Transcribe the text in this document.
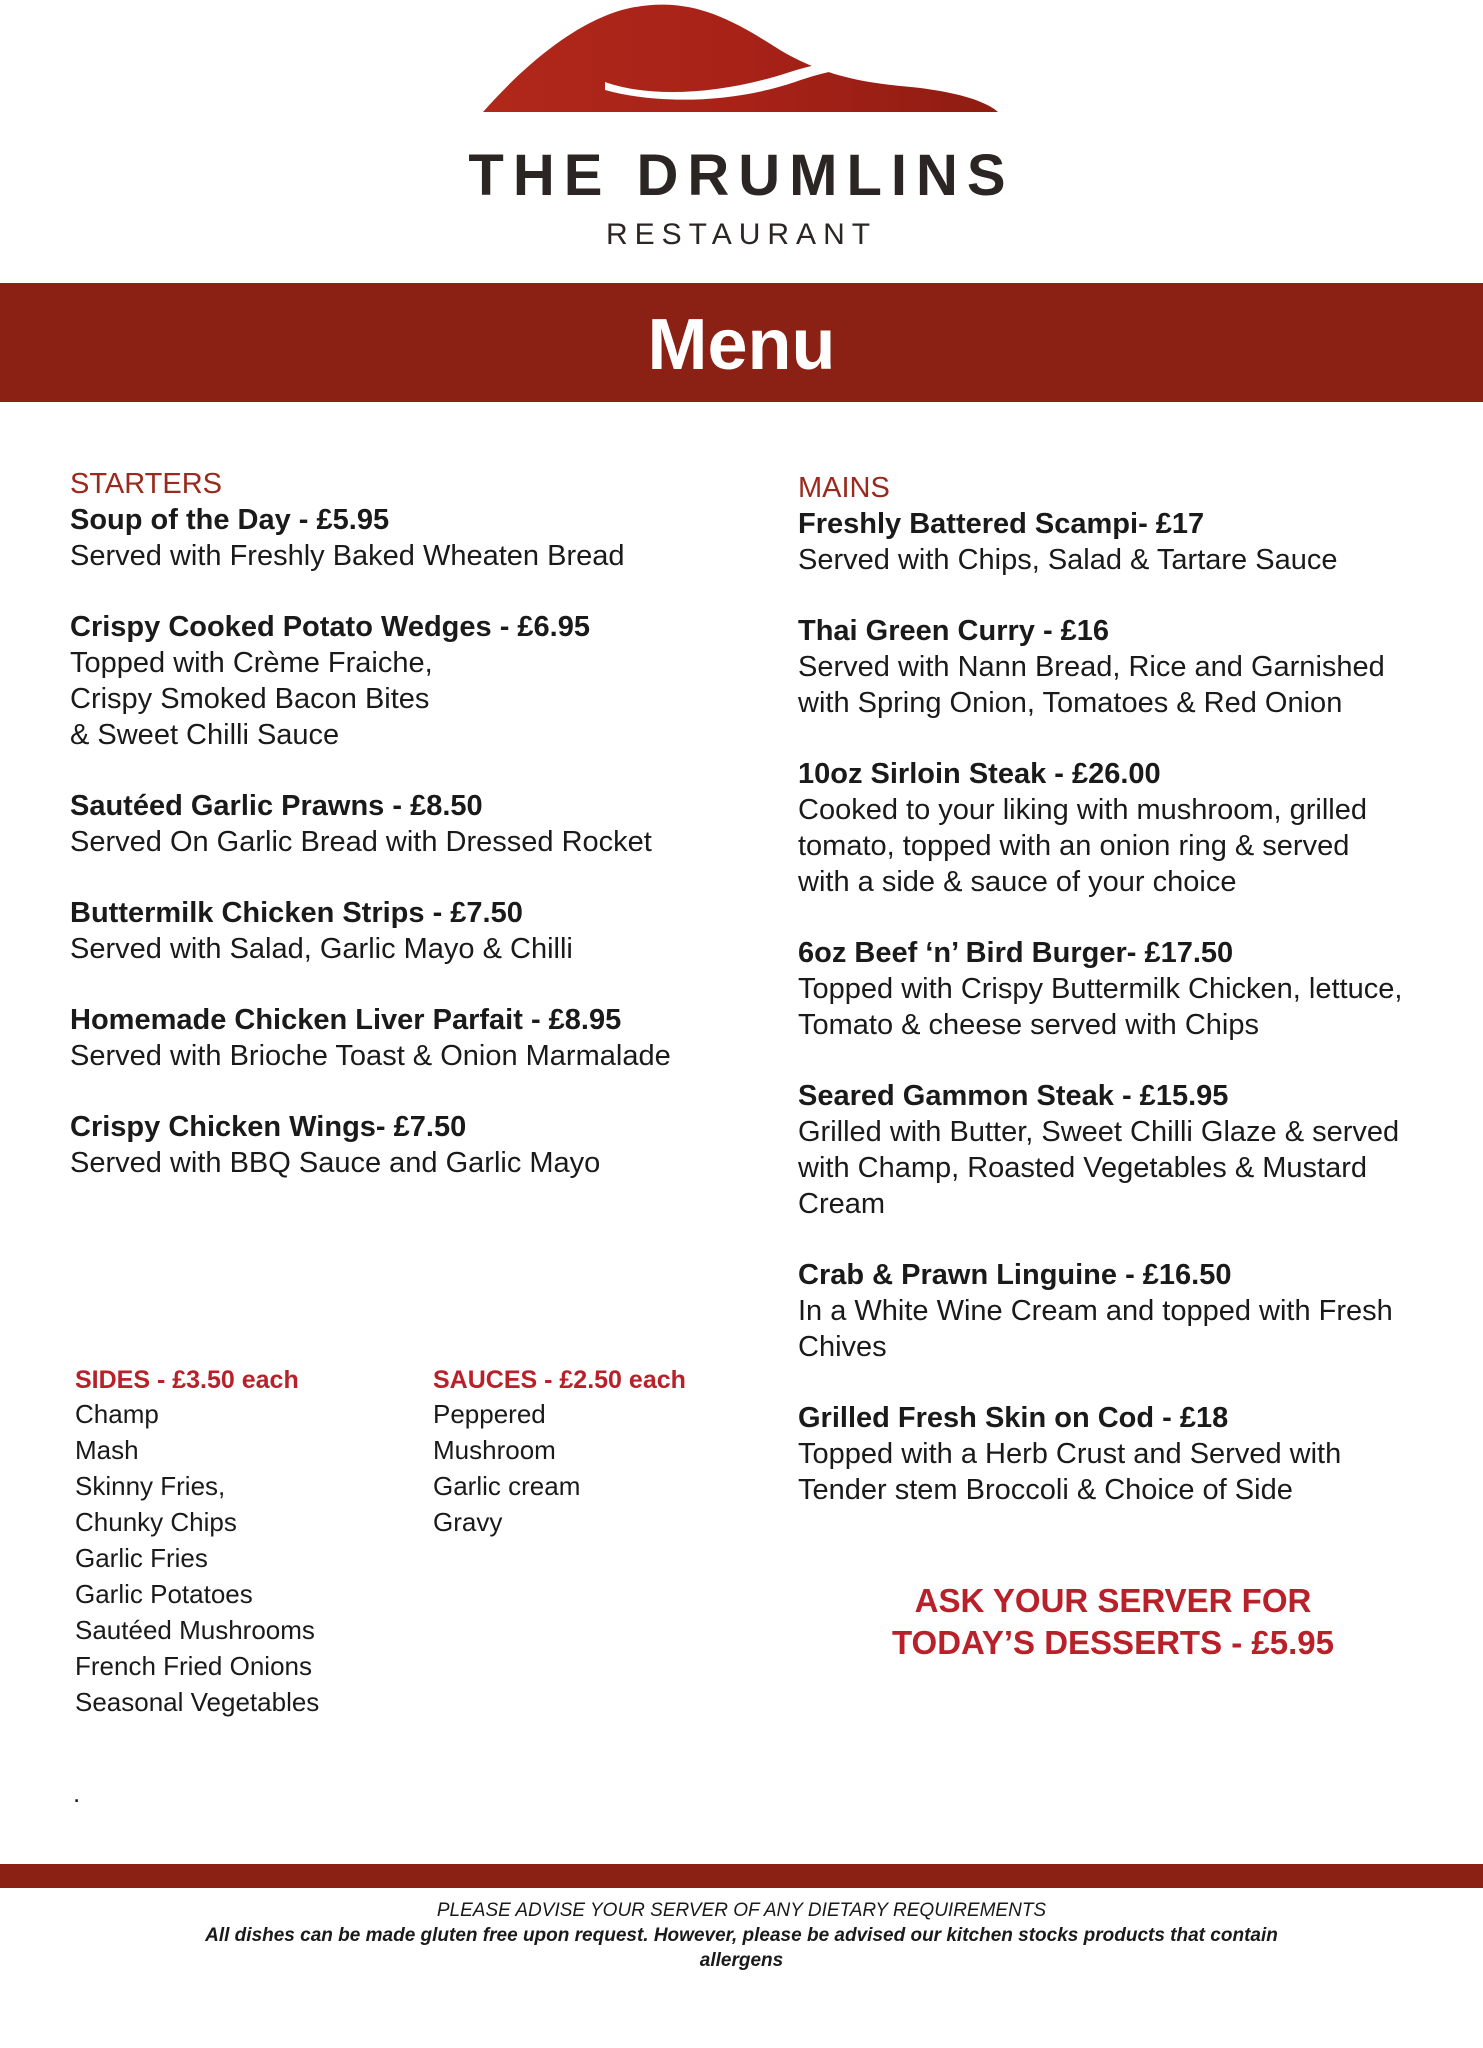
THE DRUMLINS
RESTAURANT
Menu
STARTERS
Soup of the Day - £5.95
Served with Freshly Baked Wheaten Bread
Crispy Cooked Potato Wedges - £6.95
Topped with Crème Fraiche,
Crispy Smoked Bacon Bites
& Sweet Chilli Sauce
Sautéed Garlic Prawns - £8.50
Served On Garlic Bread with Dressed Rocket
Buttermilk Chicken Strips - £7.50
Served with Salad, Garlic Mayo & Chilli
Homemade Chicken Liver Parfait - £8.95
Served with Brioche Toast & Onion Marmalade
Crispy Chicken Wings- £7.50
Served with BBQ Sauce and Garlic Mayo
MAINS
Freshly Battered Scampi- £17
Served with Chips, Salad & Tartare Sauce
Thai Green Curry - £16
Served with Nann Bread, Rice and Garnished
with Spring Onion, Tomatoes & Red Onion
10oz Sirloin Steak - £26.00
Cooked to your liking with mushroom, grilled
tomato, topped with an onion ring & served
with a side & sauce of your choice
6oz Beef ‘n’ Bird Burger- £17.50
Topped with Crispy Buttermilk Chicken, lettuce,
Tomato & cheese served with Chips
Seared Gammon Steak - £15.95
Grilled with Butter, Sweet Chilli Glaze & served
with Champ, Roasted Vegetables & Mustard
Cream
Crab & Prawn Linguine - £16.50
In a White Wine Cream and topped with Fresh
Chives
Grilled Fresh Skin on Cod - £18
Topped with a Herb Crust and Served with
Tender stem Broccoli & Choice of Side
SIDES - £3.50 each
Champ
Mash
Skinny Fries,
Chunky Chips
Garlic Fries
Garlic Potatoes
Sautéed Mushrooms
French Fried Onions
Seasonal Vegetables
SAUCES - £2.50 each
Peppered
Mushroom
Garlic cream
Gravy
ASK YOUR SERVER FOR
TODAY’S DESSERTS - £5.95
.
PLEASE ADVISE YOUR SERVER OF ANY DIETARY REQUIREMENTS
All dishes can be made gluten free upon request. However, please be advised our kitchen stocks products that contain allergens
